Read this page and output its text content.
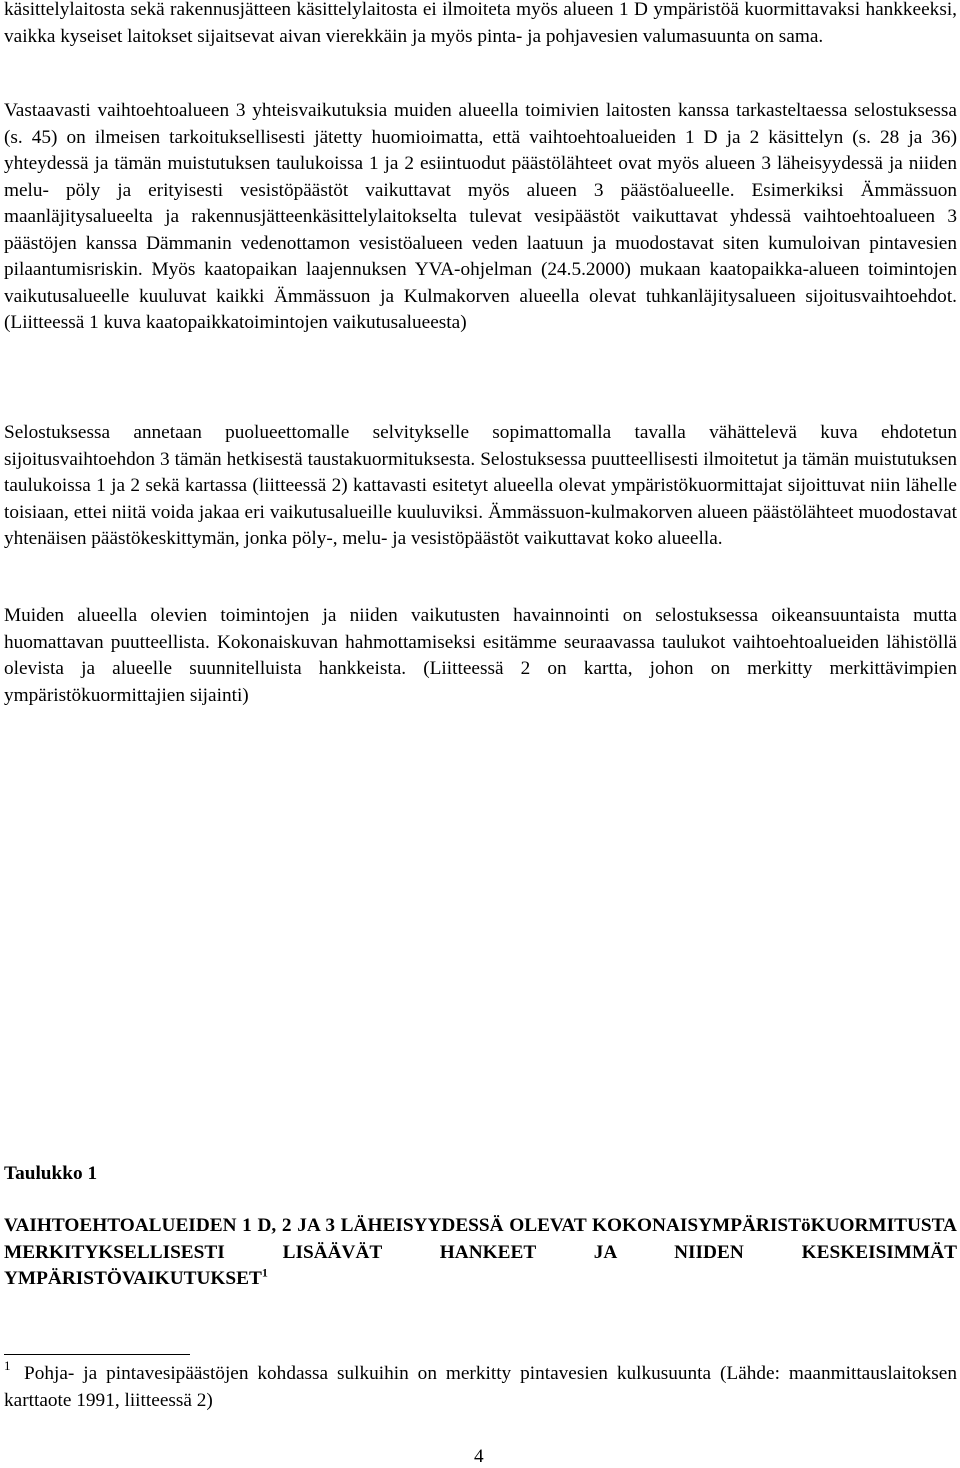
käsittelylaitosta sekä rakennusjätteen käsittelylaitosta ei ilmoiteta myös alueen 1 D ympäristöä kuormittavaksi hankkeeksi, vaikka kyseiset laitokset sijaitsevat aivan vierekkäin ja myös pinta- ja pohjavesien valumasuunta on sama.

Vastaavasti vaihtoehtoalueen 3 yhteisvaikutuksia muiden alueella toimivien laitosten kanssa tarkasteltaessa selostuksessa (s. 45) on ilmeisen tarkoituksellisesti jätetty huomioimatta, että vaihtoehtoalueiden 1 D ja 2 käsittelyn (s. 28 ja 36) yhteydessä ja tämän muistutuksen taulukoissa 1 ja 2 esiintuodut päästölähteet ovat myös alueen 3 läheisyydessä ja niiden melu- pöly ja erityisesti vesistöpäästöt vaikuttavat myös alueen 3 päästöalueelle. Esimerkiksi Ämmässuon maanläjitysalueelta ja rakennusjätteenkäsittelylaitokselta tulevat vesipäästöt vaikuttavat yhdessä vaihtoehtoalueen 3 päästöjen kanssa Dämmanin vedenottamon vesistöalueen veden laatuun ja muodostavat siten kumuloivan pintavesien pilaantumisriskin. Myös kaatopaikan laajennuksen YVA-ohjelman (24.5.2000) mukaan kaatopaikka-alueen toimintojen vaikutusalueelle kuuluvat kaikki Ämmässuon ja Kulmakorven alueella olevat tuhkanläjitysalueen sijoitusvaihtoehdot. (Liitteessä 1 kuva kaatopaikkatoimintojen vaikutusalueesta)

Selostuksessa annetaan puolueettomalle selvitykselle sopimattomalla tavalla vähättelevä kuva ehdotetun sijoitusvaihtoehdon 3 tämän hetkisestä taustakuormituksesta. Selostuksessa puutteellisesti ilmoitetut ja tämän muistutuksen taulukoissa 1 ja 2 sekä kartassa (liitteessä 2) kattavasti esitetyt alueella olevat ympäristökuormittajat sijoittuvat niin lähelle toisiaan, ettei niitä voida jakaa eri vaikutusalueille kuuluviksi. Ämmässuon-kulmakorven alueen päästölähteet muodostavat yhtenäisen päästökeskittymän, jonka pöly-, melu- ja vesistöpäästöt vaikuttavat koko alueella.

Muiden alueella olevien toimintojen ja niiden vaikutusten havainnointi on selostuksessa oikeansuuntaista mutta huomattavan puutteellista. Kokonaiskuvan hahmottamiseksi esitämme seuraavassa taulukot vaihtoehtoalueiden lähistöllä olevista ja alueelle suunnitelluista hankkeista. (Liitteessä 2 on kartta, johon on merkitty merkittävimpien ympäristökuormittajien sijainti)

Taulukko 1

VAIHTOEHTOALUEIDEN 1 D, 2 JA 3 LÄHEISYYDESSÄ OLEVAT KOKONAISYMPÄRISTöKUORMITUSTA MERKITYKSELLISESTI LISÄÄVÄT HANKEET JA NIIDEN KESKEISIMMÄT YMPÄRISTÖVAIKUTUKSET$^1$

1 Pohja- ja pintavesipäästöjen kohdassa sulkuihin on merkitty pintavesien kulkusuunta (Lähde: maanmittauslaitoksen karttaote 1991, liitteessä 2)

4
